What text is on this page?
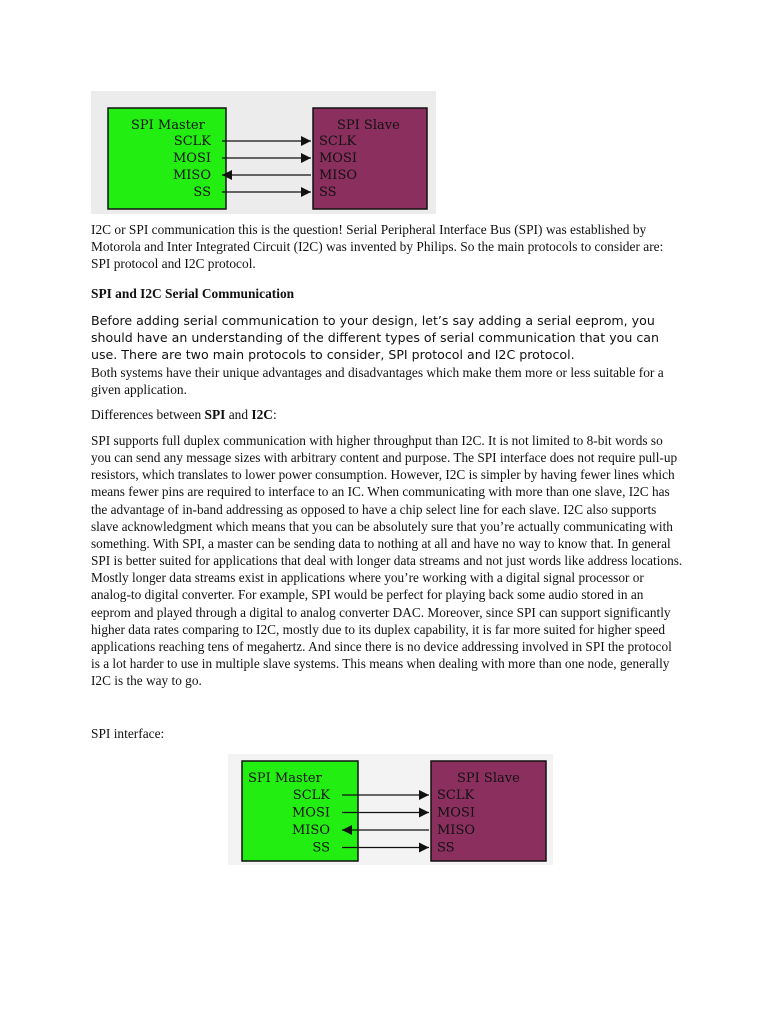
SPI Master	SPI Slave
SCLK	SCLK
MOSI	MOSI
MISO	MISO
SS	SS

I2C or SPI communication this is the question! Serial Peripheral Interface Bus (SPI) was established by Motorola and Inter Integrated Circuit (I2C) was invented by Philips. So the main protocols to consider are: SPI protocol and I2C protocol.

SPI and I2C Serial Communication

Before adding serial communication to your design, let’s say adding a serial eeprom, you should have an understanding of the different types of serial communication that you can use. There are two main protocols to consider, SPI protocol and I2C protocol.

Both systems have their unique advantages and disadvantages which make them more or less suitable for a given application.

Differences between SPI and I2C:

SPI supports full duplex communication with higher throughput than I2C. It is not limited to 8-bit words so you can send any message sizes with arbitrary content and purpose. The SPI interface does not require pull-up resistors, which translates to lower power consumption. However, I2C is simpler by having fewer lines which means fewer pins are required to interface to an IC. When communicating with more than one slave, I2C has the advantage of in-band addressing as opposed to have a chip select line for each slave. I2C also supports slave acknowledgment which means that you can be absolutely sure that you’re actually communicating with something. With SPI, a master can be sending data to nothing at all and have no way to know that. In general SPI is better suited for applications that deal with longer data streams and not just words like address locations. Mostly longer data streams exist in applications where you’re working with a digital signal processor or analog-to digital converter. For example, SPI would be perfect for playing back some audio stored in an eeprom and played through a digital to analog converter DAC. Moreover, since SPI can support significantly higher data rates comparing to I2C, mostly due to its duplex capability, it is far more suited for higher speed applications reaching tens of megahertz. And since there is no device addressing involved in SPI the protocol is a lot harder to use in multiple slave systems. This means when dealing with more than one node, generally I2C is the way to go.

SPI interface:

SPI Master	SPI Slave
SCLK	SCLK
MOSI	MOSI
MISO	MISO
SS	SS
